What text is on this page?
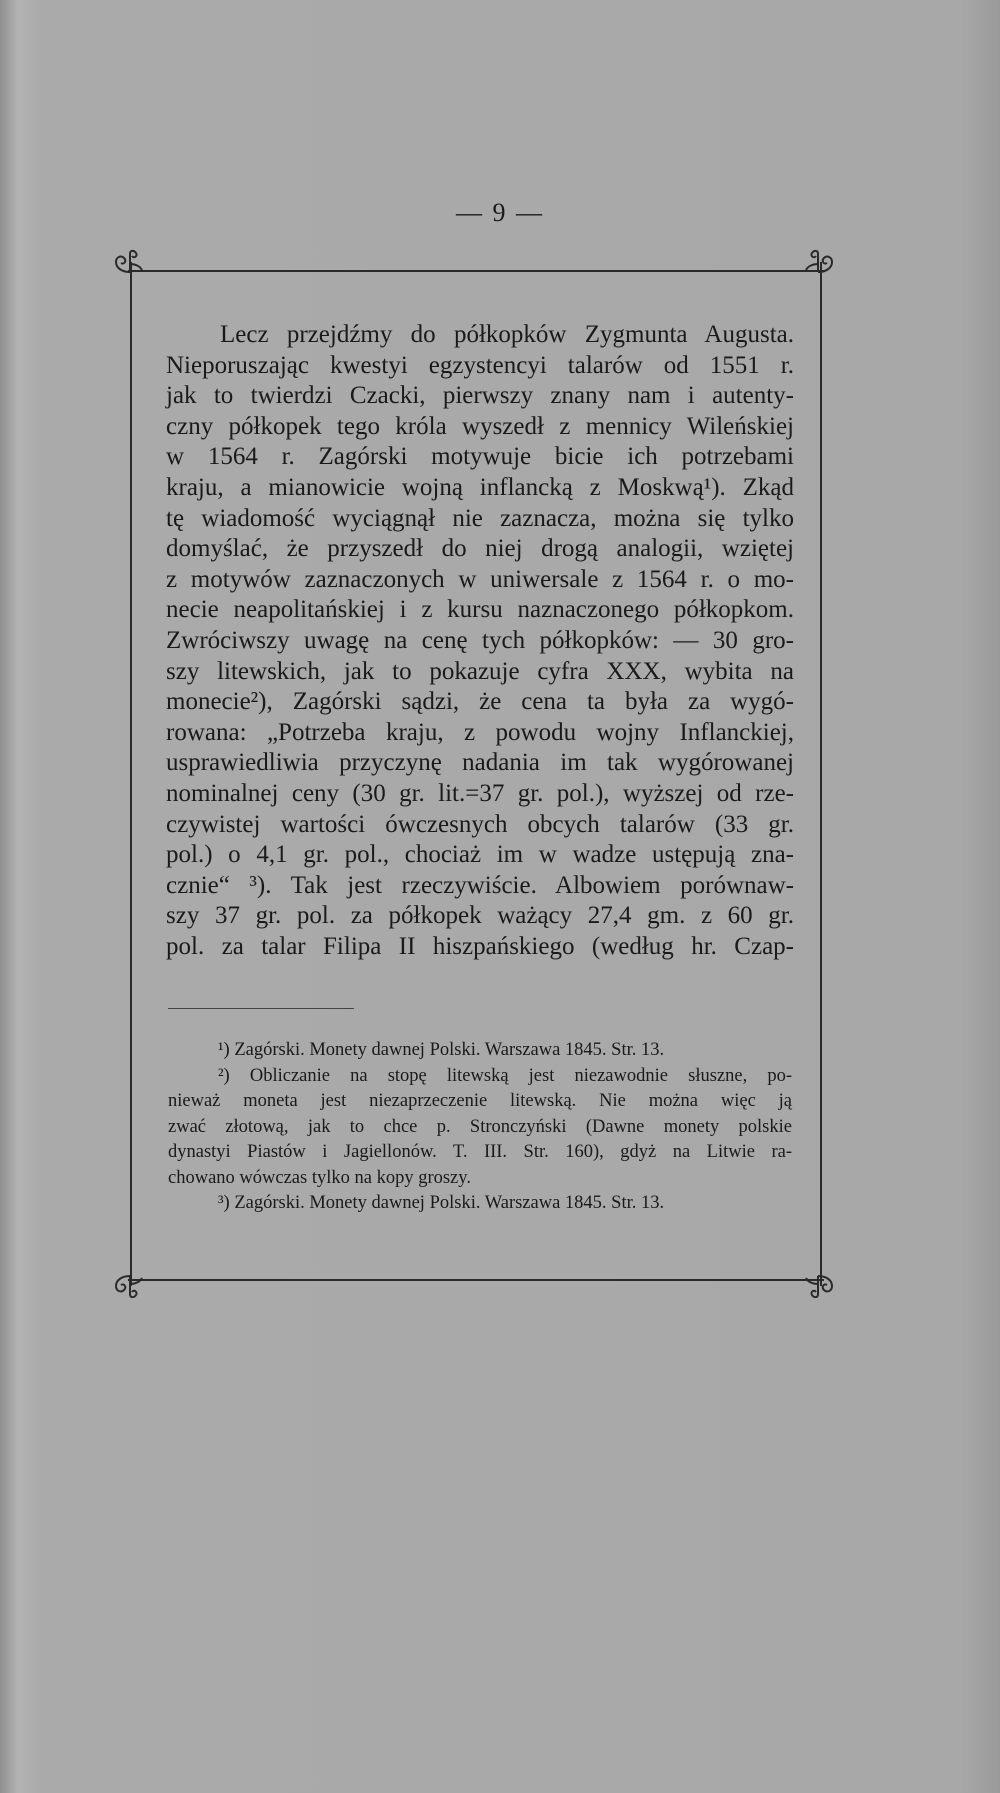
— 9 —
Lecz przejdźmy do półkopków Zygmunta Augusta.
Nieporuszając kwestyi egzystencyi talarów od 1551 r.
jak to twierdzi Czacki, pierwszy znany nam i autenty-
czny półkopek tego króla wyszedł z mennicy Wileńskiej
w 1564 r. Zagórski motywuje bicie ich potrzebami
kraju, a mianowicie wojną inflancką z Moskwą¹). Zkąd
tę wiadomość wyciągnął nie zaznacza, można się tylko
domyślać, że przyszedł do niej drogą analogii, wziętej
z motywów zaznaczonych w uniwersale z 1564 r. o mo-
necie neapolitańskiej i z kursu naznaczonego półkopkom.
Zwróciwszy uwagę na cenę tych półkopków: — 30 gro-
szy litewskich, jak to pokazuje cyfra XXX, wybita na
monecie²), Zagórski sądzi, że cena ta była za wygó-
rowana: „Potrzeba kraju, z powodu wojny Inflanckiej,
usprawiedliwia przyczynę nadania im tak wygórowanej
nominalnej ceny (30 gr. lit.=37 gr. pol.), wyższej od rze-
czywistej wartości ówczesnych obcych talarów (33 gr.
pol.) o 4,1 gr. pol., chociaż im w wadze ustępują zna-
cznie“ ³). Tak jest rzeczywiście. Albowiem porównaw-
szy 37 gr. pol. za półkopek ważący 27,4 gm. z 60 gr.
pol. za talar Filipa II hiszpańskiego (według hr. Czap-
¹) Zagórski. Monety dawnej Polski. Warszawa 1845. Str. 13.
²) Obliczanie na stopę litewską jest niezawodnie słuszne, po-
nieważ moneta jest niezaprzeczenie litewską. Nie można więc ją
zwać złotową, jak to chce p. Stronczyński (Dawne monety polskie
dynastyi Piastów i Jagiellonów. T. III. Str. 160), gdyż na Litwie ra-
chowano wówczas tylko na kopy groszy.
³) Zagórski. Monety dawnej Polski. Warszawa 1845. Str. 13.
